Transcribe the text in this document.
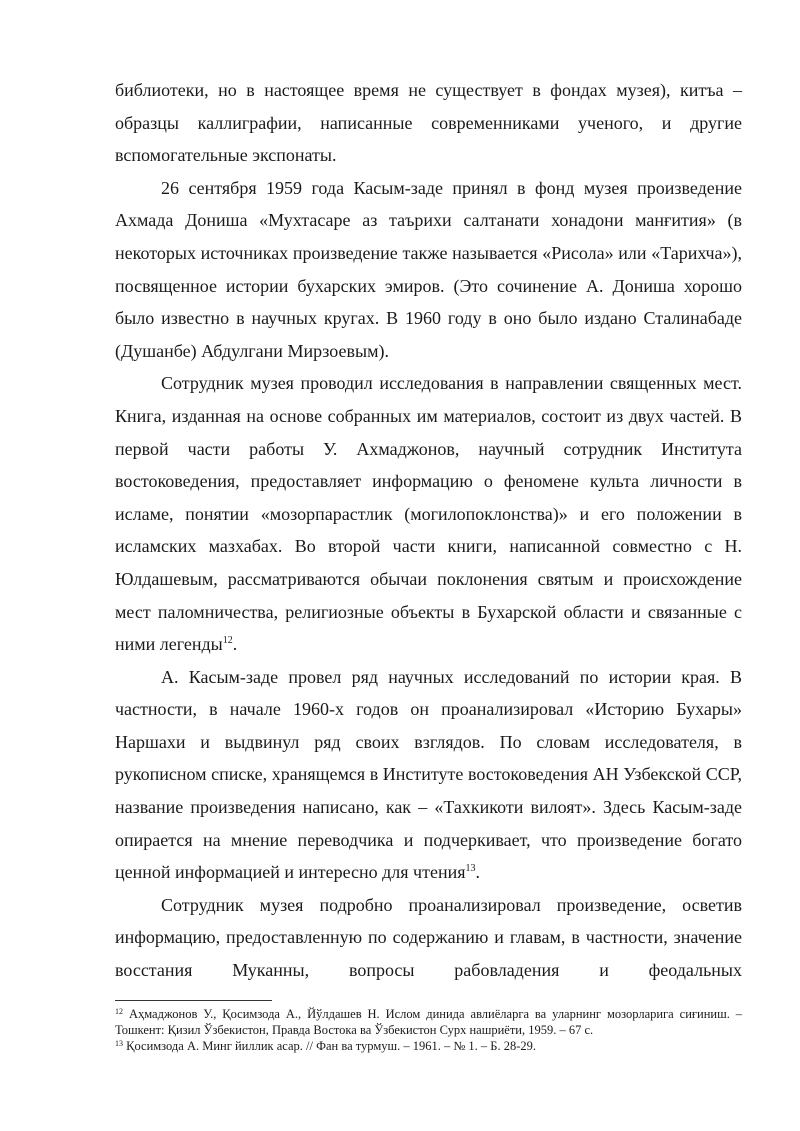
библиотеки, но в настоящее время не существует в фондах музея), китъа – образцы каллиграфии, написанные современниками ученого, и другие вспомогательные экспонаты.

26 сентября 1959 года Касым-заде принял в фонд музея произведение Ахмада Дониша «Мухтасаре аз таърихи салтанати хонадони манғития» (в некоторых источниках произведение также называется «Рисола» или «Тарихча»), посвященное истории бухарских эмиров. (Это сочинение А. Дониша хорошо было известно в научных кругах. В 1960 году в оно было издано Сталинабаде (Душанбе) Абдулгани Мирзоевым).

Сотрудник музея проводил исследования в направлении священных мест. Книга, изданная на основе собранных им материалов, состоит из двух частей. В первой части работы У. Ахмаджонов, научный сотрудник Института востоковедения, предоставляет информацию о феномене культа личности в исламе, понятии «мозорпарастлик (могилопоклонства)» и его положении в исламских мазхабах. Во второй части книги, написанной совместно с Н. Юлдашевым, рассматриваются обычаи поклонения святым и происхождение мест паломничества, религиозные объекты в Бухарской области и связанные с ними легенды$^{12}$.

А. Касым-заде провел ряд научных исследований по истории края. В частности, в начале 1960-х годов он проанализировал «Историю Бухары» Наршахи и выдвинул ряд своих взглядов. По словам исследователя, в рукописном списке, хранящемся в Институте востоковедения АН Узбекской ССР, название произведения написано, как – «Тахкикоти вилоят». Здесь Касым-заде опирается на мнение переводчика и подчеркивает, что произведение богато ценной информацией и интересно для чтения$^{13}$.

Сотрудник музея подробно проанализировал произведение, осветив информацию, предоставленную по содержанию и главам, в частности, значение восстания Муканны, вопросы рабовладения и феодальных

$^{12}$ Аҳмаджонов У., Қосимзода А., Йўлдашев Н. Ислом динида авлиёларга ва уларнинг мозорларига сиғиниш. – Тошкент: Қизил Ўзбекистон, Правда Востока ва Ўзбекистон Сурх нашриёти, 1959. – 67 с.

$^{13}$ Қосимзода А. Минг йиллик асар. // Фан ва турмуш. – 1961. – № 1. – Б. 28-29.
